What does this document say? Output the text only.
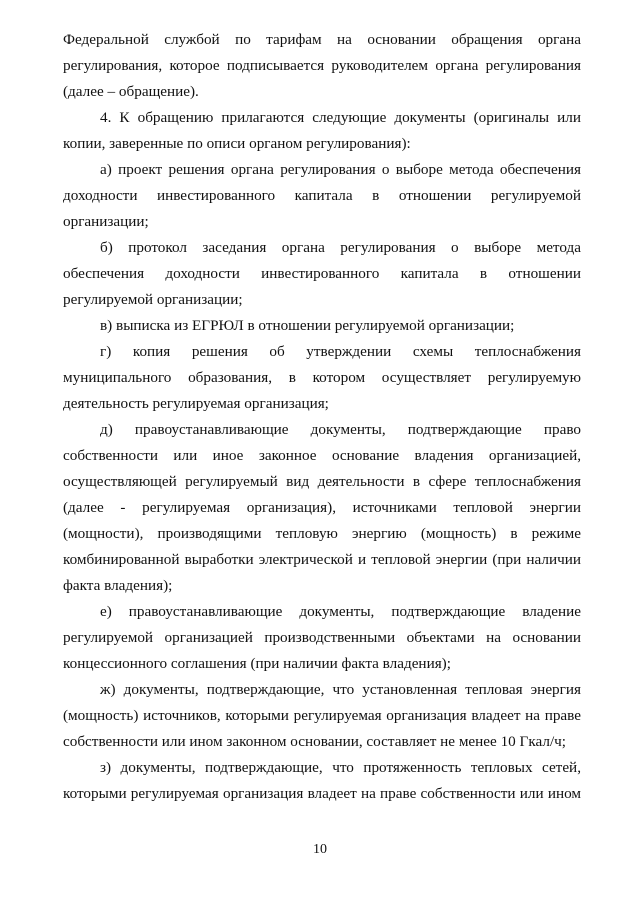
Федеральной службой по тарифам на основании обращения органа
регулирования, которое подписывается руководителем органа регулирования
(далее – обращение).
4. К обращению прилагаются следующие документы (оригиналы или
копии, заверенные по описи органом регулирования):
а) проект решения органа регулирования о выборе метода обеспечения
доходности инвестированного капитала в отношении регулируемой
организации;
б) протокол заседания органа регулирования о выборе метода
обеспечения доходности инвестированного капитала в отношении
регулируемой организации;
в) выписка из ЕГРЮЛ в отношении регулируемой организации;
г) копия решения об утверждении схемы теплоснабжения
муниципального образования, в котором осуществляет регулируемую
деятельность регулируемая организация;
д) правоустанавливающие документы, подтверждающие право
собственности или иное законное основание владения организацией,
осуществляющей регулируемый вид деятельности в сфере теплоснабжения
(далее - регулируемая организация), источниками тепловой энергии
(мощности), производящими тепловую энергию (мощность) в режиме
комбинированной выработки электрической и тепловой энергии (при наличии
факта владения);
е) правоустанавливающие документы, подтверждающие владение
регулируемой организацией производственными объектами на основании
концессионного соглашения (при наличии факта владения);
ж) документы, подтверждающие, что установленная тепловая энергия
(мощность) источников, которыми регулируемая организация владеет на праве
собственности или ином законном основании, составляет не менее 10 Гкал/ч;
з) документы, подтверждающие, что протяженность тепловых сетей,
которыми регулируемая организация владеет на праве собственности или ином
10
